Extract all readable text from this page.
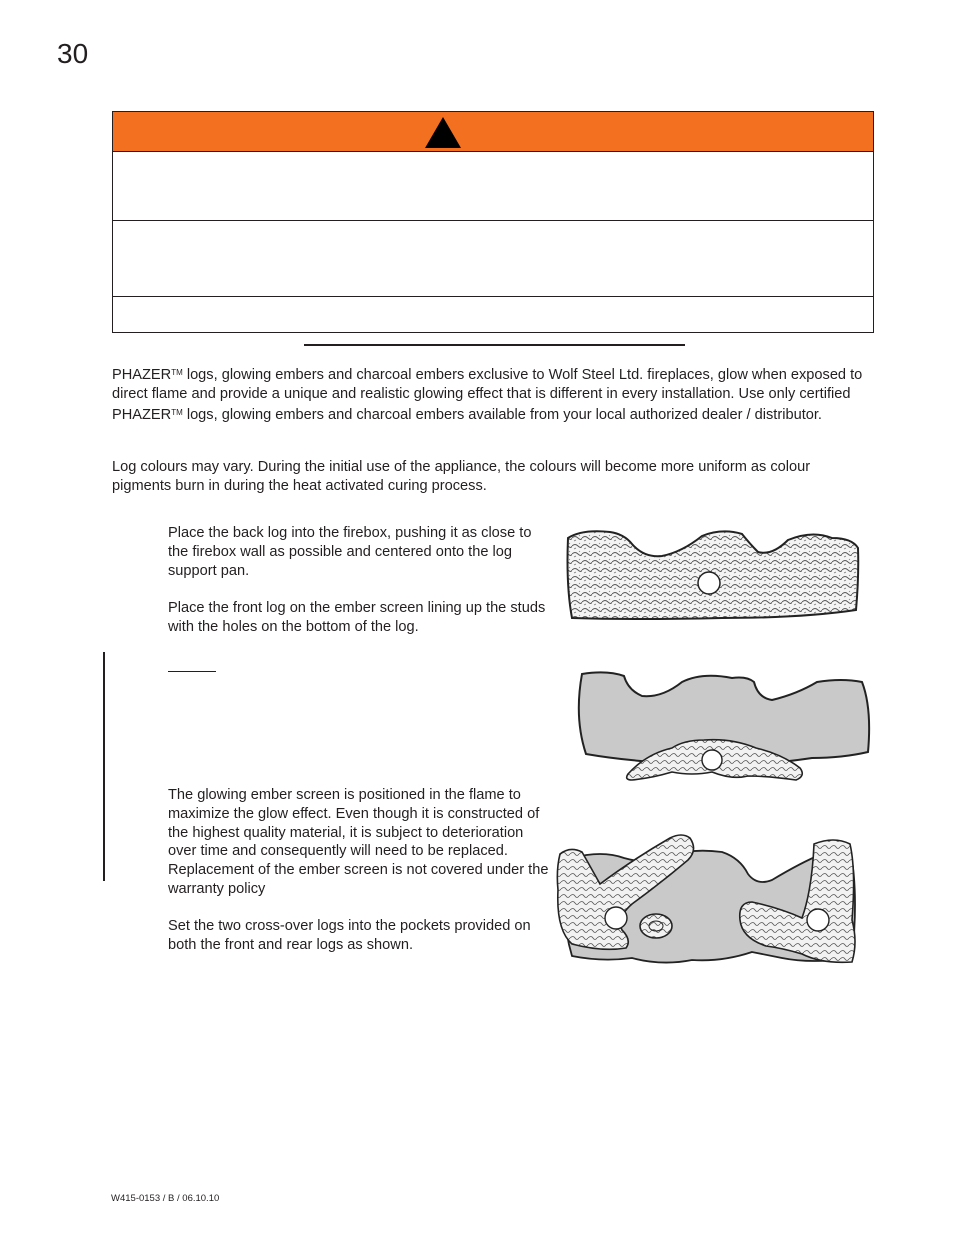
30

PHAZER™ logs, glowing embers and charcoal embers exclusive to Wolf Steel Ltd. fireplaces, glow when exposed to direct flame and provide a unique and realistic glowing effect that is different in every installation. Use only certified PHAZER™ logs, glowing embers and charcoal embers available from your local authorized dealer / distributor.

Log colours may vary. During the initial use of the appliance, the colours will become more uniform as colour pigments burn in during the heat activated curing process.

Place the back log into the firebox, pushing it as close to the firebox wall as possible and centered onto the log support pan.

Place the front log on the ember screen lining up the studs with the holes on the bottom of the log.

The glowing ember screen is positioned in the flame to maximize the glow effect. Even though it is constructed of the highest quality material, it is subject to deterioration over time and consequently will need to be replaced. Replacement of the ember screen is not covered under the warranty policy

Set the two cross-over logs into the pockets provided on both the front and rear logs as shown.

W415-0153 / B / 06.10.10
